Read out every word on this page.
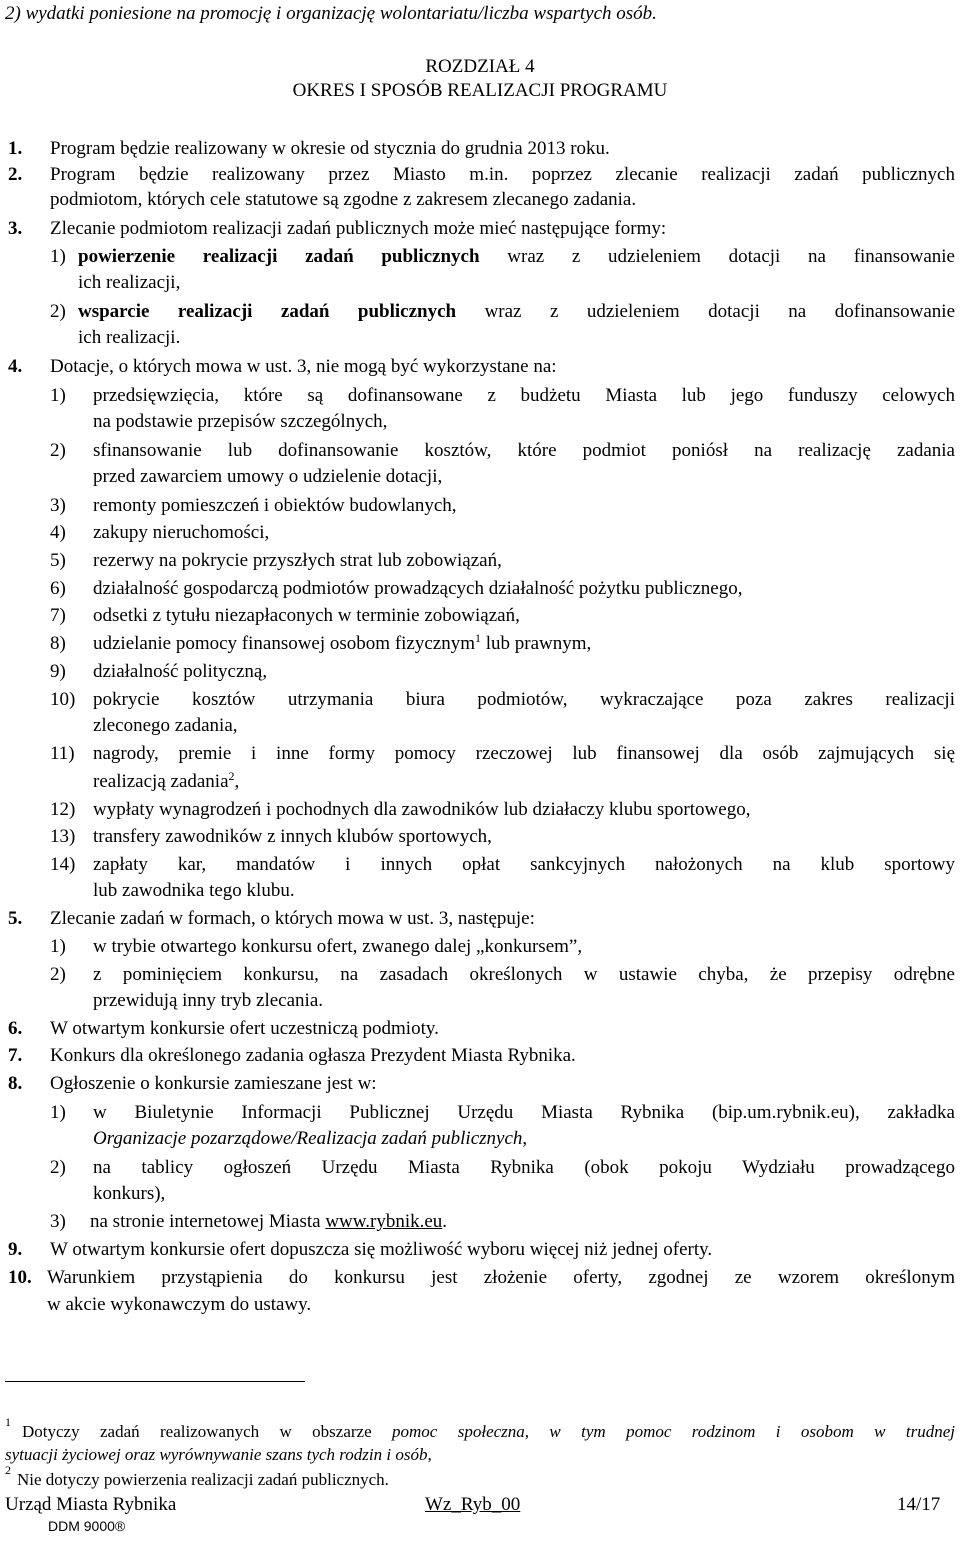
2) wydatki poniesione na promocję i organizację wolontariatu/liczba wspartych osób.
ROZDZIAŁ 4
OKRES I SPOSÓB REALIZACJI PROGRAMU
1. Program będzie realizowany w okresie od stycznia do grudnia 2013 roku.
2. Program będzie realizowany przez Miasto m.in. poprzez zlecanie realizacji zadań publicznych
podmiotom, których cele statutowe są zgodne z zakresem zlecanego zadania.
3. Zlecanie podmiotom realizacji zadań publicznych może mieć następujące formy:
1) powierzenie realizacji zadań publicznych wraz z udzieleniem dotacji na finansowanie
ich realizacji,
2) wsparcie realizacji zadań publicznych wraz z udzieleniem dotacji na dofinansowanie
ich realizacji.
4. Dotacje, o których mowa w ust. 3, nie mogą być wykorzystane na:
1) przedsięwzięcia, które są dofinansowane z budżetu Miasta lub jego funduszy celowych
na podstawie przepisów szczególnych,
2) sfinansowanie lub dofinansowanie kosztów, które podmiot poniósł na realizację zadania
przed zawarciem umowy o udzielenie dotacji,
3) remonty pomieszczeń i obiektów budowlanych,
4) zakupy nieruchomości,
5) rezerwy na pokrycie przyszłych strat lub zobowiązań,
6) działalność gospodarczą podmiotów prowadzących działalność pożytku publicznego,
7) odsetki z tytułu niezapłaconych w terminie zobowiązań,
8) udzielanie pomocy finansowej osobom fizycznym$^1$ lub prawnym,
9) działalność polityczną,
10) pokrycie kosztów utrzymania biura podmiotów, wykraczające poza zakres realizacji
zleconego zadania,
11) nagrody, premie i inne formy pomocy rzeczowej lub finansowej dla osób zajmujących się
realizacją zadania$^2$,
12) wypłaty wynagrodzeń i pochodnych dla zawodników lub działaczy klubu sportowego,
13) transfery zawodników z innych klubów sportowych,
14) zapłaty kar, mandatów i innych opłat sankcyjnych nałożonych na klub sportowy
lub zawodnika tego klubu.
5. Zlecanie zadań w formach, o których mowa w ust. 3, następuje:
1) w trybie otwartego konkursu ofert, zwanego dalej „konkursem”,
2) z pominięciem konkursu, na zasadach określonych w ustawie chyba, że przepisy odrębne
przewidują inny tryb zlecania.
6. W otwartym konkursie ofert uczestniczą podmioty.
7. Konkurs dla określonego zadania ogłasza Prezydent Miasta Rybnika.
8. Ogłoszenie o konkursie zamieszane jest w:
1) w Biuletynie Informacji Publicznej Urzędu Miasta Rybnika (bip.um.rybnik.eu), zakładka
Organizacje pozarządowe/Realizacja zadań publicznych,
2) na tablicy ogłoszeń Urzędu Miasta Rybnika (obok pokoju Wydziału prowadzącego
konkurs),
3) na stronie internetowej Miasta www.rybnik.eu.
9. W otwartym konkursie ofert dopuszcza się możliwość wyboru więcej niż jednej oferty.
10. Warunkiem przystąpienia do konkursu jest złożenie oferty, zgodnej ze wzorem określonym
w akcie wykonawczym do ustawy.
$^1$ Dotyczy zadań realizowanych w obszarze pomoc społeczna, w tym pomoc rodzinom i osobom w trudnej
sytuacji życiowej oraz wyrównywanie szans tych rodzin i osób,
$^2$ Nie dotyczy powierzenia realizacji zadań publicznych.
Urząd Miasta Rybnika	Wz_Ryb_00	14/17
DDM 9000®
